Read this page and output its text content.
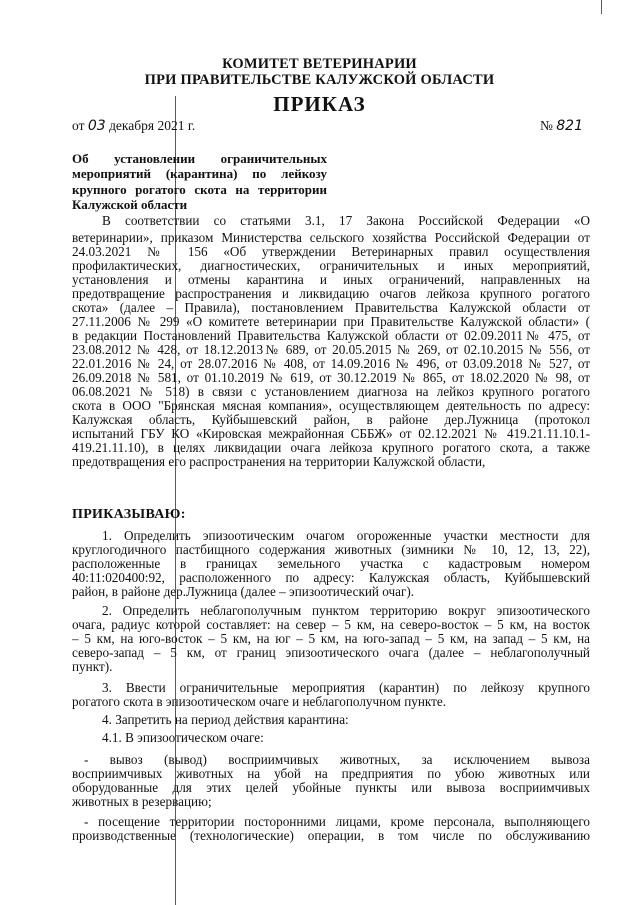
КОМИТЕТ ВЕТЕРИНАРИИ
ПРИ ПРАВИТЕЛЬСТВЕ КАЛУЖСКОЙ ОБЛАСТИ
ПРИКАЗ
от 03 декабря 2021 г.	№ 821
Об установлении ограничительных мероприятий (карантина) по лейкозу крупного рогатого скота на территории Калужской области
В соответствии со статьями 3.1, 17 Закона Российской Федерации «О
ветеринарии», приказом Министерства сельского хозяйства Российской Федерации от
24.03.2021 № 156 «Об утверждении Ветеринарных правил осуществления
профилактических, диагностических, ограничительных и иных мероприятий,
установления и отмены карантина и иных ограничений, направленных на
предотвращение распространения и ликвидацию очагов лейкоза крупного рогатого
скота» (далее – Правила), постановлением Правительства Калужской области от
27.11.2006 № 299 «О комитете ветеринарии при Правительстве Калужской области» (
в редакции Постановлений Правительства Калужской области от 02.09.2011№ 475, от
23.08.2012 № 428, от 18.12.2013№ 689, от 20.05.2015 № 269, от 02.10.2015 № 556, от
22.01.2016 № 24, от 28.07.2016 № 408, от 14.09.2016 № 496, от 03.09.2018 № 527, от
26.09.2018 № 581, от 01.10.2019 № 619, от 30.12.2019 № 865, от 18.02.2020 № 98, от
06.08.2021 № 518) в связи с установлением диагноза на лейкоз крупного рогатого
скота в ООО "Брянская мясная компания», осуществляющем деятельность по адресу:
Калужская область, Куйбышевский район, в районе дер.Лужница (протокол
испытаний ГБУ КО «Кировская межрайонная СББЖ» от 02.12.2021 № 419.21.11.10.1-
419.21.11.10), в целях ликвидации очага лейкоза крупного рогатого скота, а также
предотвращения его распространения на территории Калужской области,
1. Определить эпизоотическим очагом огороженные участки местности для
круглогодичного пастбищного содержания животных (зимники № 10, 12, 13, 22),
расположенные в границах земельного участка с кадастровым номером
40:11:020400:92, расположенного по адресу: Калужская область, Куйбышевский
район, в районе дер.Лужница (далее – эпизоотический очаг).
2. Определить неблагополучным пунктом территорию вокруг эпизоотического
очага, радиус которой составляет: на север – 5 км, на северо-восток – 5 км, на восток
– 5 км, на юго-восток – 5 км, на юг – 5 км, на юго-запад – 5 км, на запад – 5 км, на
северо-запад – 5 км, от границ эпизоотического очага (далее – неблагополучный
пункт).
3. Ввести ограничительные мероприятия (карантин) по лейкозу крупного
рогатого скота в эпизоотическом очаге и неблагополучном пункте.
4. Запретить на период действия карантина:
4.1. В эпизоотическом очаге:
- вывоз (вывод) восприимчивых животных, за исключением вывоза
восприимчивых животных на убой на предприятия по убою животных или
оборудованные для этих целей убойные пункты или вывоза восприимчивых
животных в резервацию;
- посещение территории посторонними лицами, кроме персонала, выполняющего
производственные (технологические) операции, в том числе по обслуживанию
ПРИКАЗЫВАЮ:
